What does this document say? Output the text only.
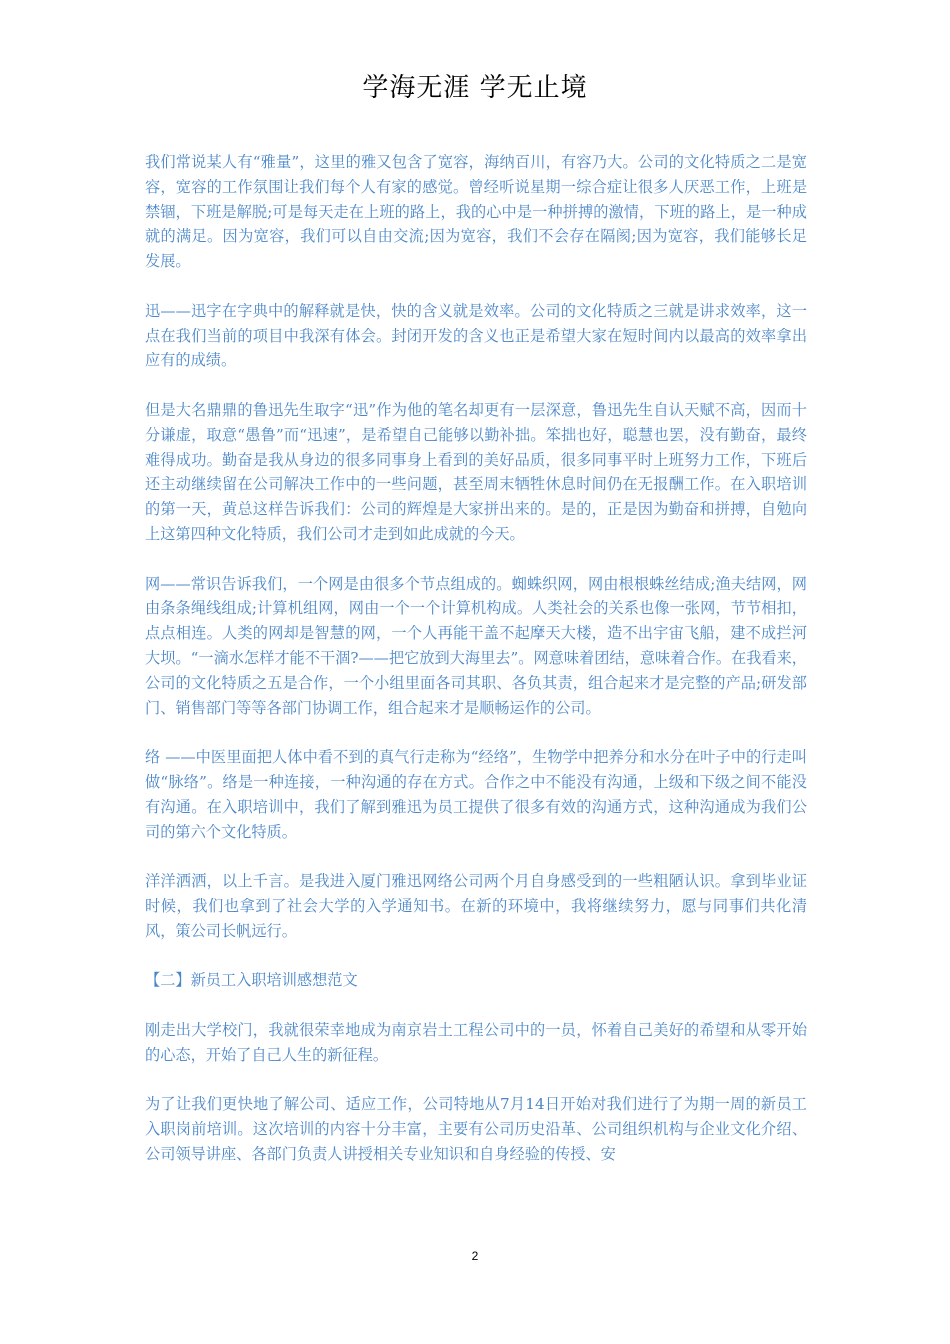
学海无涯 学无止境

我们常说某人有“雅量”，这里的雅又包含了宽容，海纳百川，有容乃大。公司的文化特质之二是宽容，宽容的工作氛围让我们每个人有家的感觉。曾经听说星期一综合症让很多人厌恶工作，上班是禁锢，下班是解脱;可是每天走在上班的路上，我的心中是一种拼搏的激情，下班的路上，是一种成就的满足。因为宽容，我们可以自由交流;因为宽容，我们不会存在隔阂;因为宽容，我们能够长足发展。

迅——迅字在字典中的解释就是快，快的含义就是效率。公司的文化特质之三就是讲求效率，这一点在我们当前的项目中我深有体会。封闭开发的含义也正是希望大家在短时间内以最高的效率拿出应有的成绩。

但是大名鼎鼎的鲁迅先生取字“迅”作为他的笔名却更有一层深意，鲁迅先生自认天赋不高，因而十分谦虚，取意“愚鲁”而“迅速”，是希望自己能够以勤补拙。笨拙也好，聪慧也罢，没有勤奋，最终难得成功。勤奋是我从身边的很多同事身上看到的美好品质，很多同事平时上班努力工作，下班后还主动继续留在公司解决工作中的一些问题，甚至周末牺牲休息时间仍在无报酬工作。在入职培训的第一天，黄总这样告诉我们：公司的辉煌是大家拼出来的。是的，正是因为勤奋和拼搏，自勉向上这第四种文化特质，我们公司才走到如此成就的今天。

网——常识告诉我们，一个网是由很多个节点组成的。蜘蛛织网，网由根根蛛丝结成;渔夫结网，网由条条绳线组成;计算机组网，网由一个一个计算机构成。人类社会的关系也像一张网，节节相扣，点点相连。人类的网却是智慧的网，一个人再能干盖不起摩天大楼，造不出宇宙飞船，建不成拦河大坝。“一滴水怎样才能不干涸?——把它放到大海里去”。网意味着团结，意味着合作。在我看来，公司的文化特质之五是合作，一个小组里面各司其职、各负其责，组合起来才是完整的产品;研发部门、销售部门等等各部门协调工作，组合起来才是顺畅运作的公司。

络 ——中医里面把人体中看不到的真气行走称为“经络”，生物学中把养分和水分在叶子中的行走叫做“脉络”。络是一种连接，一种沟通的存在方式。合作之中不能没有沟通，上级和下级之间不能没有沟通。在入职培训中，我们了解到雅迅为员工提供了很多有效的沟通方式，这种沟通成为我们公司的第六个文化特质。

洋洋洒洒，以上千言。是我进入厦门雅迅网络公司两个月自身感受到的一些粗陋认识。拿到毕业证时候，我们也拿到了社会大学的入学通知书。在新的环境中，我将继续努力，愿与同事们共化清风，策公司长帆远行。

【二】新员工入职培训感想范文

刚走出大学校门，我就很荣幸地成为南京岩土工程公司中的一员，怀着自己美好的希望和从零开始的心态，开始了自己人生的新征程。

为了让我们更快地了解公司、适应工作，公司特地从7月14日开始对我们进行了为期一周的新员工入职岗前培训。这次培训的内容十分丰富，主要有公司历史沿革、公司组织机构与企业文化介绍、公司领导讲座、各部门负责人讲授相关专业知识和自身经验的传授、安

2
